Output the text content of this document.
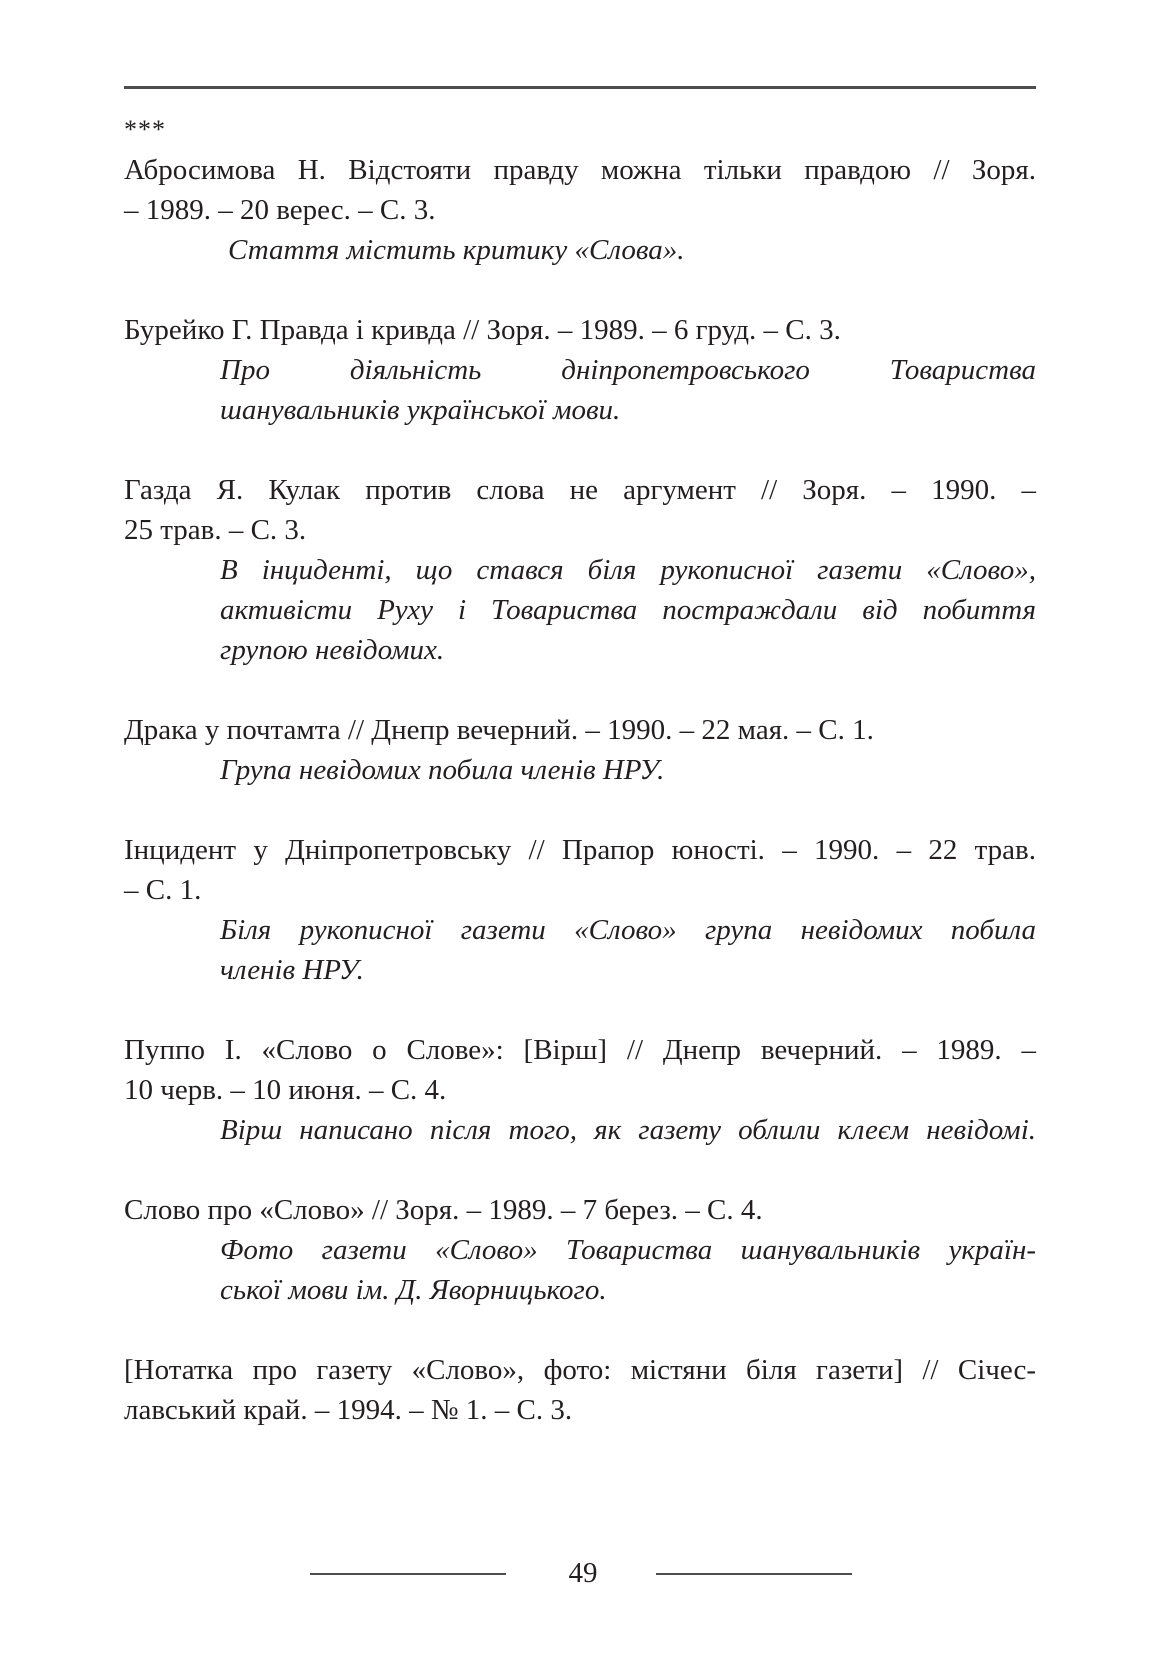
***
Абросимова Н. Відстояти правду можна тільки правдою // Зоря.
– 1989. – 20 верес. – С. 3.
Стаття містить критику «Слова».
Бурейко Г. Правда і кривда // Зоря. – 1989. – 6 груд. – С. 3.
Про діяльність дніпропетровського Товариства
шанувальників української мови.
Газда Я. Кулак против слова не аргумент // Зоря. – 1990. –
25 трав. – С. 3.
В інциденті, що стався біля рукописної газети «Слово»,
активісти Руху і Товариства постраждали від побиття
групою невідомих.
Драка у почтамта // Днепр вечерний. – 1990. – 22 мая. – С. 1.
Група невідомих побила членів НРУ.
Інцидент у Дніпропетровську // Прапор юності. – 1990. – 22 трав.
– С. 1.
Біля рукописної газети «Слово» група невідомих побила
членів НРУ.
Пуппо І. «Слово о Слове»: [Вірш] // Днепр вечерний. – 1989. –
10 черв. – 10 июня. – С. 4.
Вірш написано після того, як газету облили клеєм невідомі.
Слово про «Слово» // Зоря. – 1989. – 7 берез. – С. 4.
Фото газети «Слово» Товариства шанувальників україн-
ської мови ім. Д. Яворницького.
[Нотатка про газету «Слово», фото: містяни біля газети] // Січес-
лавський край. – 1994. – № 1. – С. 3.
49
